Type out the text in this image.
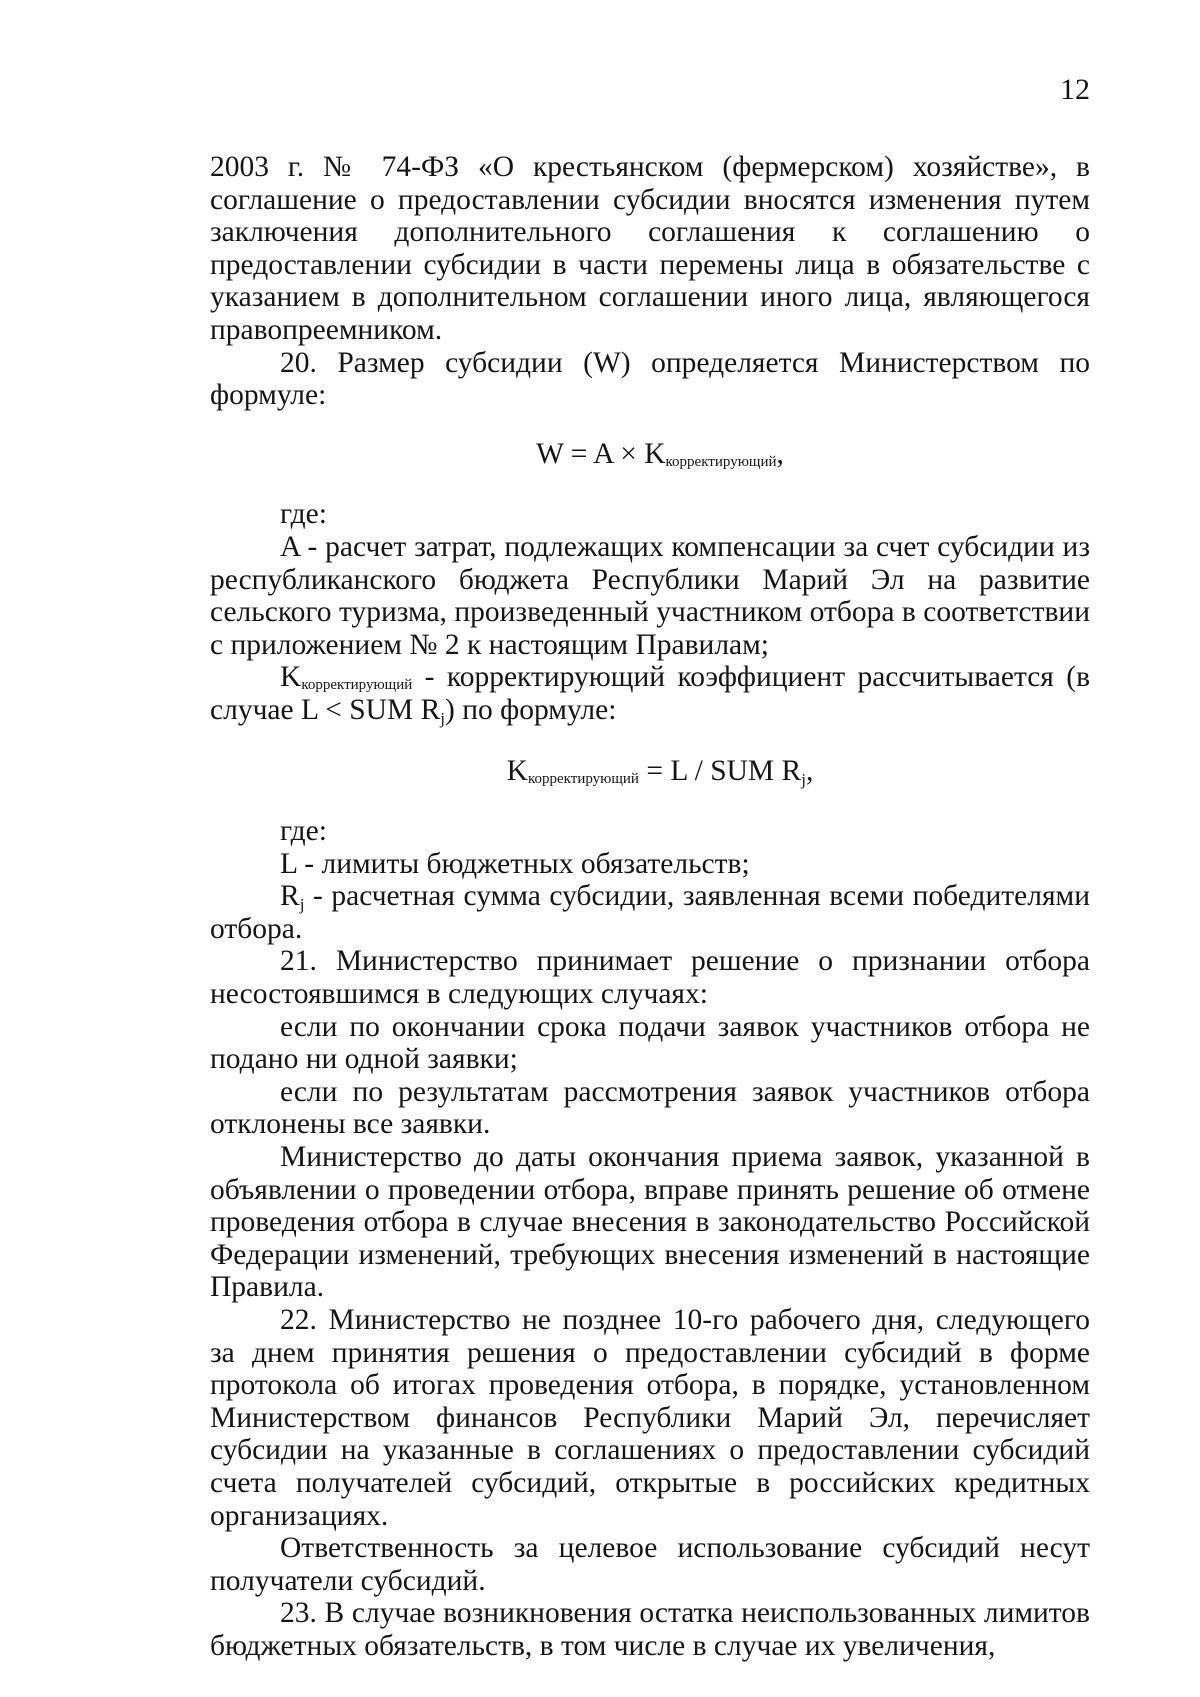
12

2003 г. № 74-ФЗ «О крестьянском (фермерском) хозяйстве», в соглашение о предоставлении субсидии вносятся изменения путем заключения дополнительного соглашения к соглашению о предоставлении субсидии в части перемены лица в обязательстве с указанием в дополнительном соглашении иного лица, являющегося правопреемником.

20. Размер субсидии (W) определяется Министерством по формуле:

$W = A \times K_{корректирующий}$,

где:

A - расчет затрат, подлежащих компенсации за счет субсидии из республиканского бюджета Республики Марий Эл на развитие сельского туризма, произведенный участником отбора в соответствии с приложением № 2 к настоящим Правилам;

$K_{корректирующий}$ - корректирующий коэффициент рассчитывается (в случае L < SUM $R_j$) по формуле:

$K_{корректирующий} = L$ / SUM $R_j$,

где:

L - лимиты бюджетных обязательств;

$R_j$ - расчетная сумма субсидии, заявленная всеми победителями отбора.

21. Министерство принимает решение о признании отбора несостоявшимся в следующих случаях:

если по окончании срока подачи заявок участников отбора не подано ни одной заявки;

если по результатам рассмотрения заявок участников отбора отклонены все заявки.

Министерство до даты окончания приема заявок, указанной в объявлении о проведении отбора, вправе принять решение об отмене проведения отбора в случае внесения в законодательство Российской Федерации изменений, требующих внесения изменений в настоящие Правила.

22. Министерство не позднее 10-го рабочего дня, следующего за днем принятия решения о предоставлении субсидий в форме протокола об итогах проведения отбора, в порядке, установленном Министерством финансов Республики Марий Эл, перечисляет субсидии на указанные в соглашениях о предоставлении субсидий счета получателей субсидий, открытые в российских кредитных организациях.

Ответственность за целевое использование субсидий несут получатели субсидий.

23. В случае возникновения остатка неиспользованных лимитов бюджетных обязательств, в том числе в случае их увеличения,
